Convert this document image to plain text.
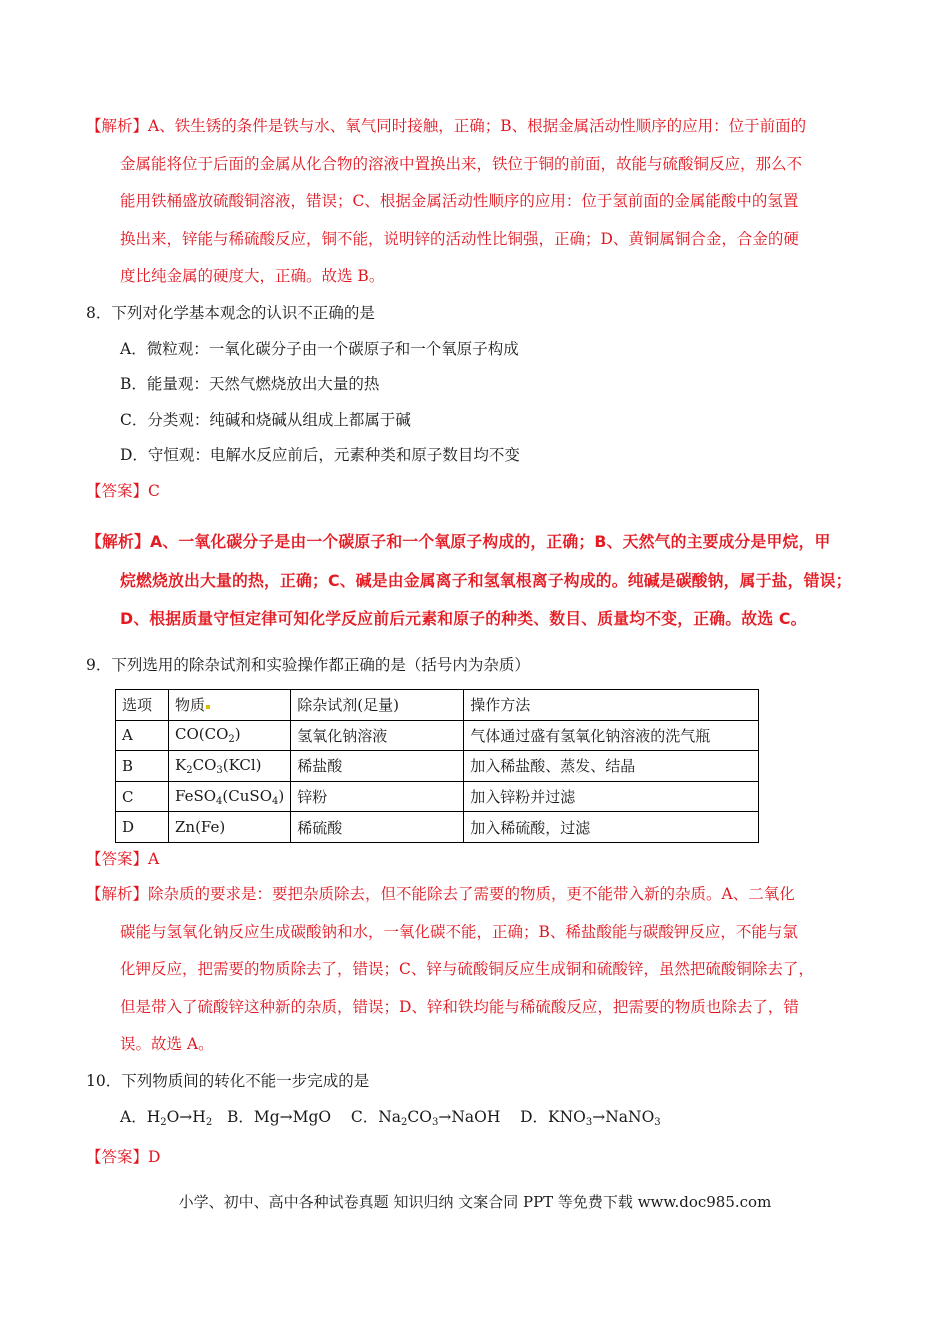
【解析】A、铁生锈的条件是铁与水、氧气同时接触，正确；B、根据金属活动性顺序的应用：位于前面的
金属能将位于后面的金属从化合物的溶液中置换出来，铁位于铜的前面，故能与硫酸铜反应，那么不
能用铁桶盛放硫酸铜溶液，错误；C、根据金属活动性顺序的应用：位于氢前面的金属能酸中的氢置
换出来，锌能与稀硫酸反应，铜不能，说明锌的活动性比铜强，正确；D、黄铜属铜合金，合金的硬
度比纯金属的硬度大，正确。故选 B。
8．下列对化学基本观念的认识不正确的是
A．微粒观：一氧化碳分子由一个碳原子和一个氧原子构成
B．能量观：天然气燃烧放出大量的热
C．分类观：纯碱和烧碱从组成上都属于碱
D．守恒观：电解水反应前后，元素种类和原子数目均不变
【答案】C
【解析】A、一氧化碳分子是由一个碳原子和一个氧原子构成的，正确；B、天然气的主要成分是甲烷，甲
烷燃烧放出大量的热，正确；C、碱是由金属离子和氢氧根离子构成的。纯碱是碳酸钠，属于盐，错误；
D、根据质量守恒定律可知化学反应前后元素和原子的种类、数目、质量均不变，正确。故选 C。
9．下列选用的除杂试剂和实验操作都正确的是（括号内为杂质）
选项	物质	除杂试剂(足量)	操作方法
A	$CO(CO_2)$	氢氧化钠溶液	气体通过盛有氢氧化钠溶液的洗气瓶
B	$K_2CO_3(KCl)$	稀盐酸	加入稀盐酸、蒸发、结晶
C	FeSO$_4$(CuSO$_4$)	锌粉	加入锌粉并过滤
D	Zn(Fe)	稀硫酸	加入稀硫酸，过滤
【答案】A
【解析】除杂质的要求是：要把杂质除去，但不能除去了需要的物质，更不能带入新的杂质。A、二氧化
碳能与氢氧化钠反应生成碳酸钠和水，一氧化碳不能，正确；B、稀盐酸能与碳酸钾反应，不能与氯
化钾反应，把需要的物质除去了，错误；C、锌与硫酸铜反应生成铜和硫酸锌，虽然把硫酸铜除去了，
但是带入了硫酸锌这种新的杂质，错误；D、锌和铁均能与稀硫酸反应，把需要的物质也除去了，错
误。故选 A。
10．下列物质间的转化不能一步完成的是
A．$H_2O\to H_2$   B．Mg→MgO    C．$Na_2CO_3\to NaOH$    D．$KNO_3\to NaNO_3$
【答案】D
小学、初中、高中各种试卷真题 知识归纳 文案合同 PPT 等免费下载 www.doc985.com
